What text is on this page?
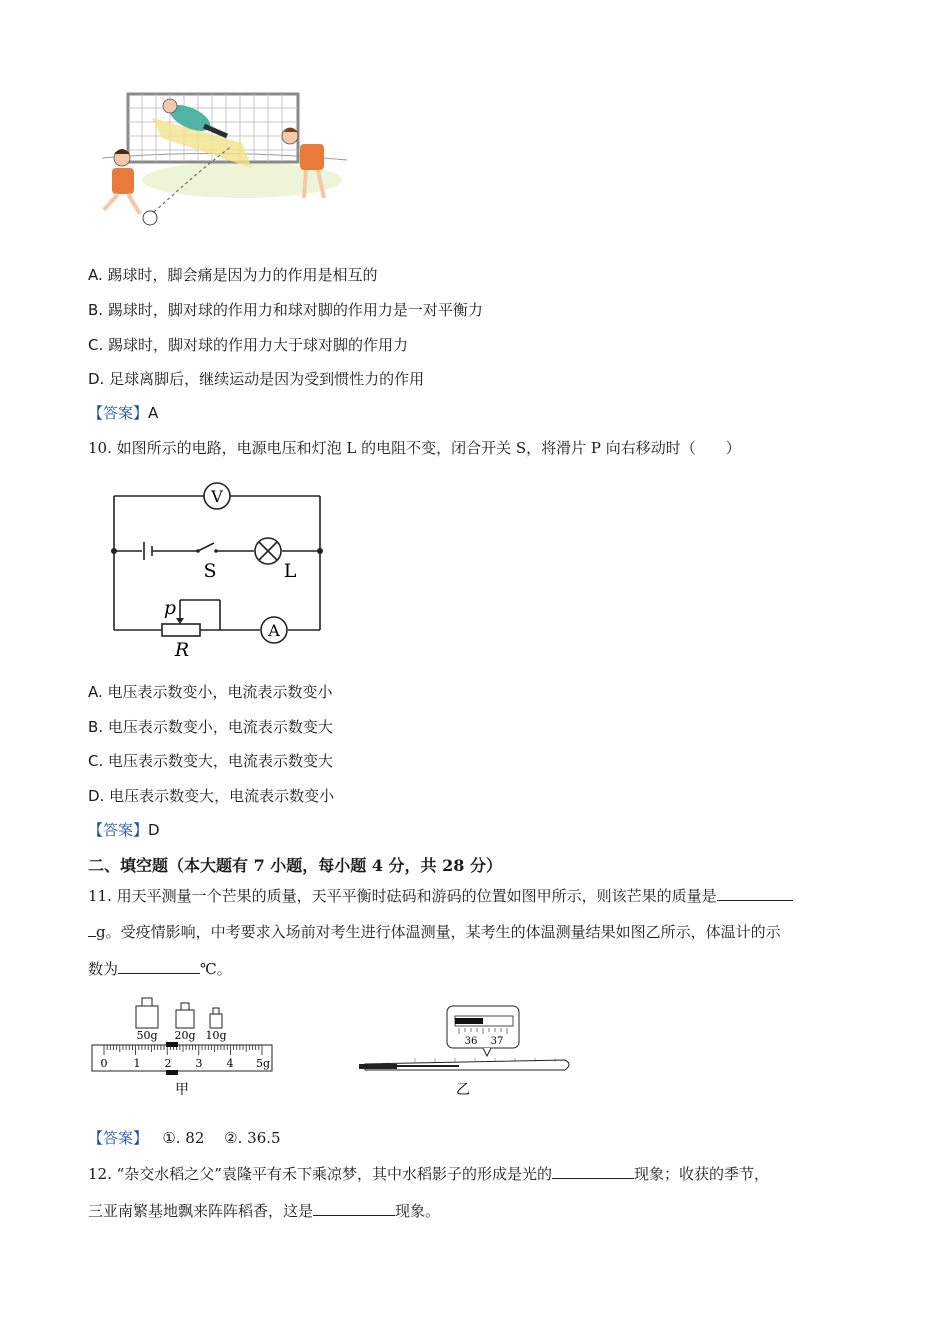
A. 踢球时，脚会痛是因为力的作用是相互的
B. 踢球时，脚对球的作用力和球对脚的作用力是一对平衡力
C. 踢球时，脚对球的作用力大于球对脚的作用力
D. 足球离脚后，继续运动是因为受到惯性力的作用
【答案】A
10. 如图所示的电路，电源电压和灯泡 L 的电阻不变，闭合开关 S，将滑片 P 向右移动时（　　）
V
A
S	L
p
R
A. 电压表示数变小，电流表示数变小
B. 电压表示数变小，电流表示数变大
C. 电压表示数变大，电流表示数变大
D. 电压表示数变大，电流表示数变小
【答案】D
二、填空题（本大题有 7 小题，每小题 4 分，共 28 分）
11. 用天平测量一个芒果的质量，天平平衡时砝码和游码的位置如图甲所示，则该芒果的质量是
g。受疫情影响，中考要求入场前对考生进行体温测量，某考生的体温测量结果如图乙所示，体温计的示
数为	℃。
50g 20g 10g
0 1 2 3 4 5g
甲
36 37
乙
【答案】 ①. 82　 ②. 36.5
12. “杂交水稻之父”袁隆平有禾下乘凉梦，其中水稻影子的形成是光的	现象；收获的季节，
三亚南繁基地飘来阵阵稻香，这是	现象。
